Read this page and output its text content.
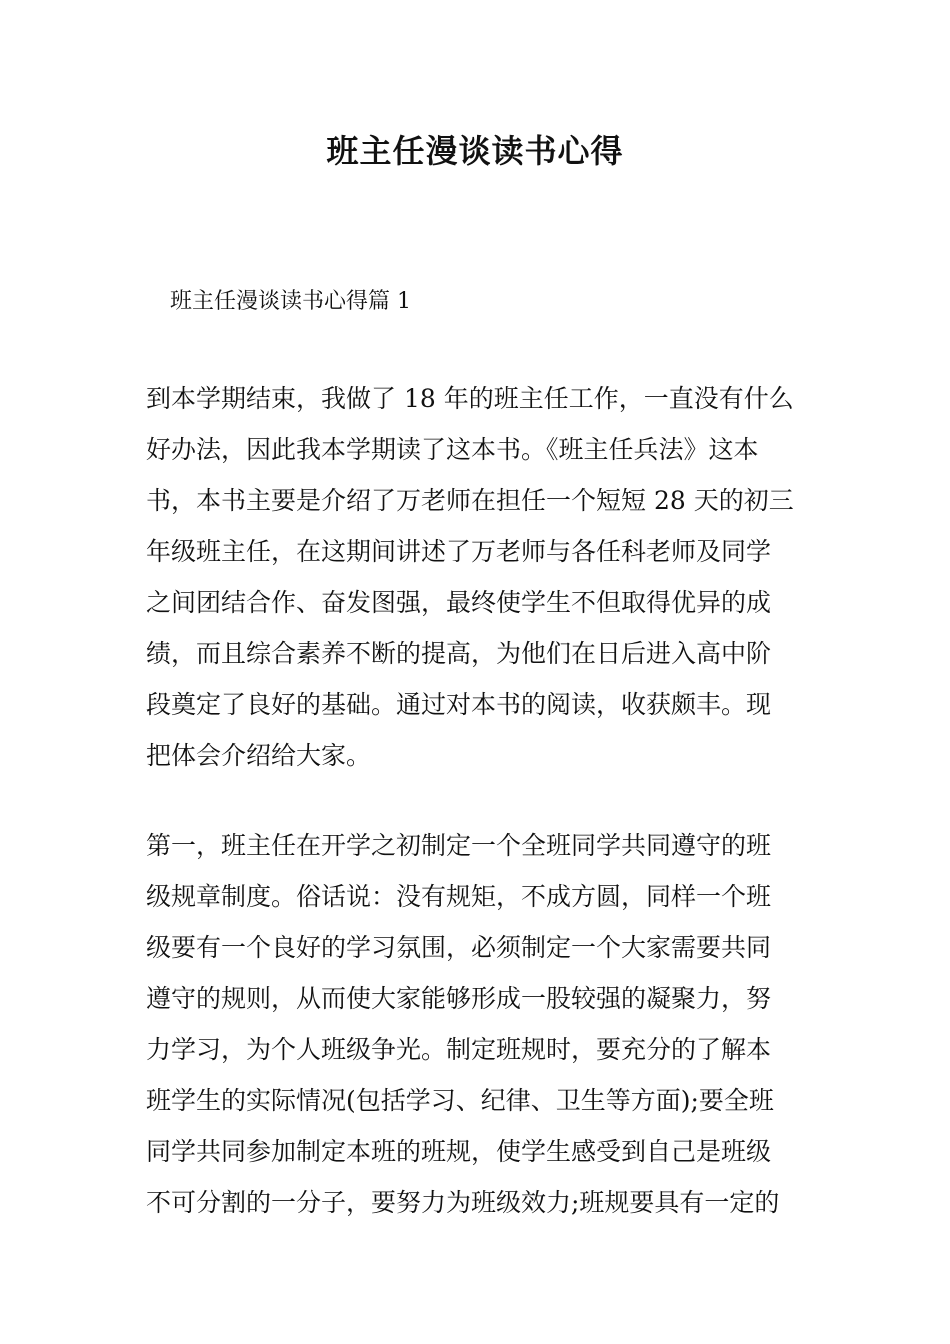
班主任漫谈读书心得

班主任漫谈读书心得篇 1

到本学期结束，我做了 18 年的班主任工作，一直没有什么
好办法，因此我本学期读了这本书。《班主任兵法》这本
书，本书主要是介绍了万老师在担任一个短短 28 天的初三
年级班主任，在这期间讲述了万老师与各任科老师及同学
之间团结合作、奋发图强，最终使学生不但取得优异的成
绩，而且综合素养不断的提高，为他们在日后进入高中阶
段奠定了良好的基础。通过对本书的阅读，收获颇丰。现
把体会介绍给大家。
第一，班主任在开学之初制定一个全班同学共同遵守的班
级规章制度。俗话说：没有规矩，不成方圆，同样一个班
级要有一个良好的学习氛围，必须制定一个大家需要共同
遵守的规则，从而使大家能够形成一股较强的凝聚力，努
力学习，为个人班级争光。制定班规时，要充分的了解本
班学生的实际情况(包括学习、纪律、卫生等方面);要全班
同学共同参加制定本班的班规，使学生感受到自己是班级
不可分割的一分子，要努力为班级效力;班规要具有一定的
